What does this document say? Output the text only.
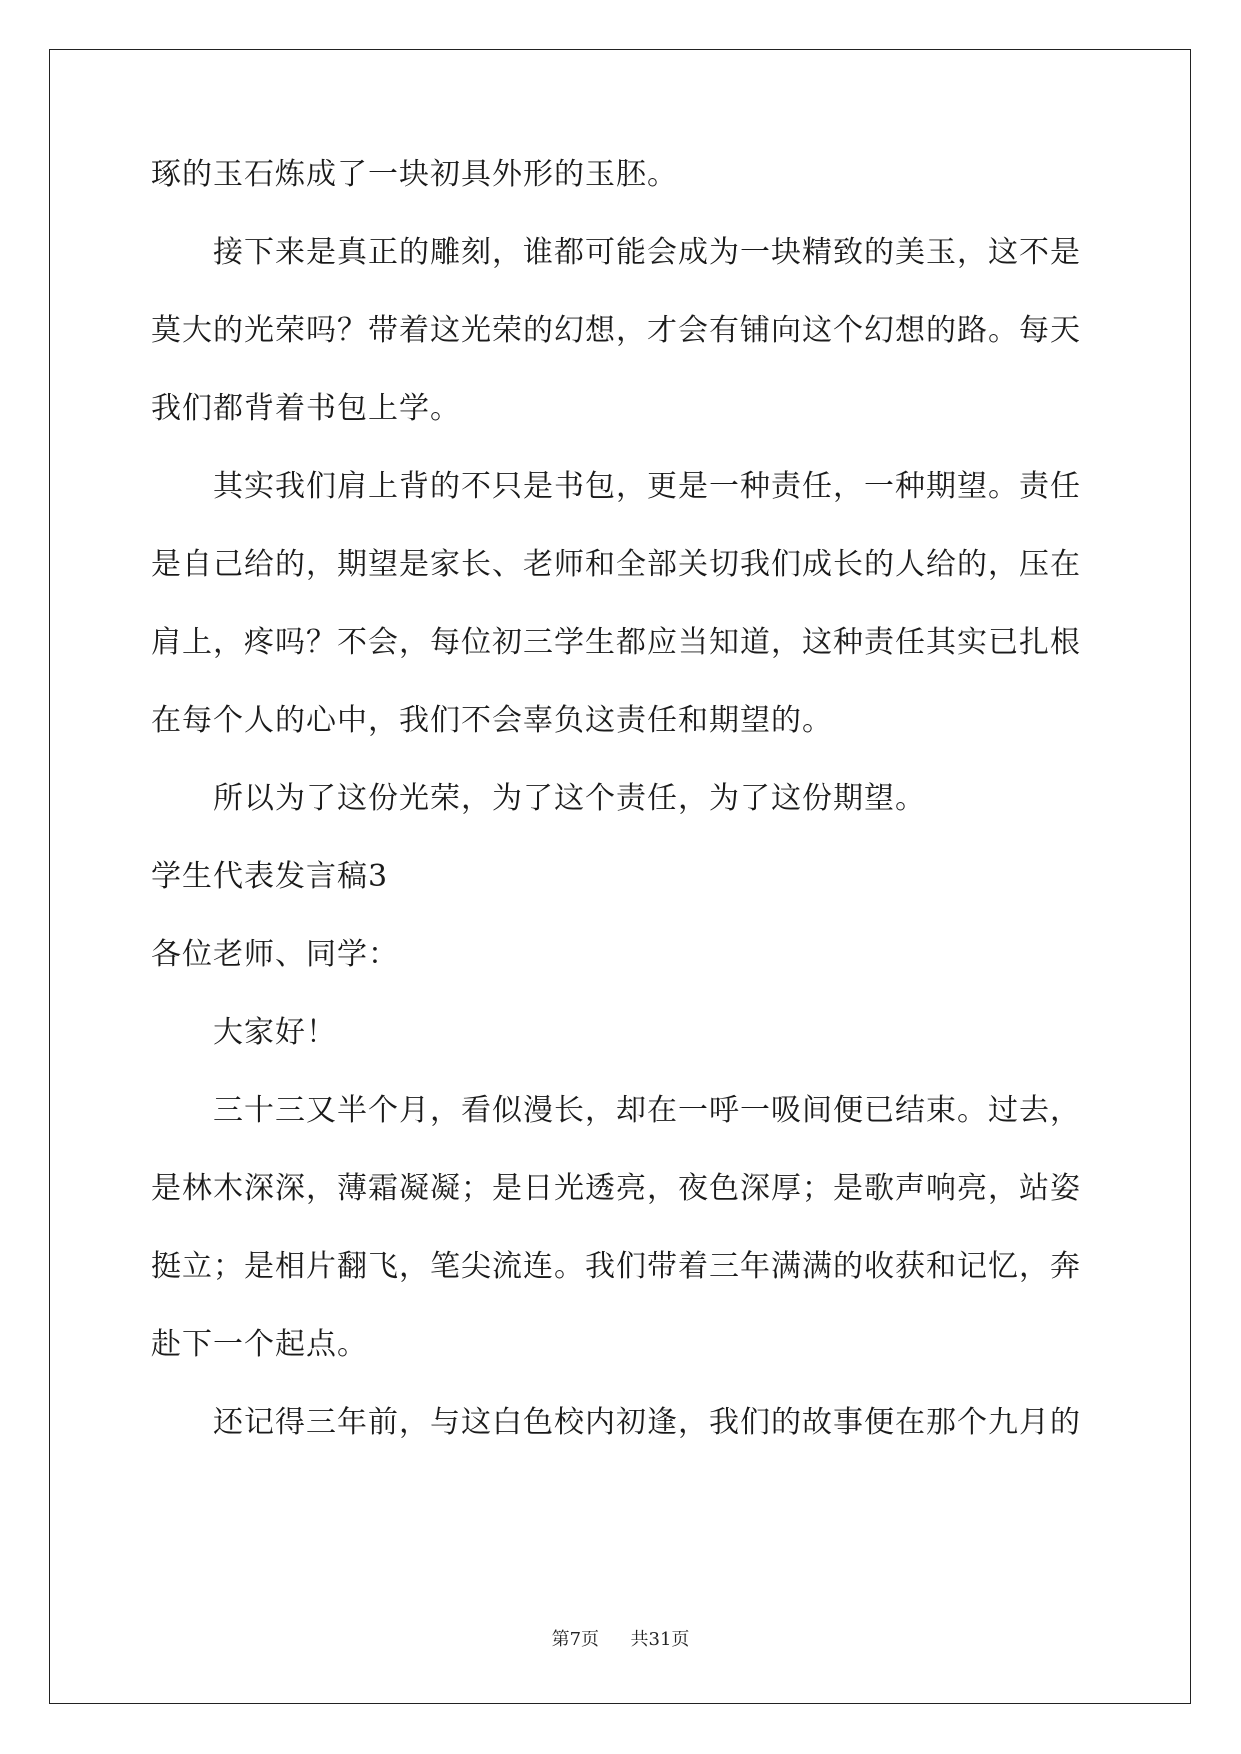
琢的玉石炼成了一块初具外形的玉胚。
接下来是真正的雕刻，谁都可能会成为一块精致的美玉，这不是
莫大的光荣吗？带着这光荣的幻想，才会有铺向这个幻想的路。每天
我们都背着书包上学。
其实我们肩上背的不只是书包，更是一种责任，一种期望。责任
是自己给的，期望是家长、老师和全部关切我们成长的人给的，压在
肩上，疼吗？不会，每位初三学生都应当知道，这种责任其实已扎根
在每个人的心中，我们不会辜负这责任和期望的。
所以为了这份光荣，为了这个责任，为了这份期望。
学生代表发言稿3
各位老师、同学：
大家好！
三十三又半个月，看似漫长，却在一呼一吸间便已结束。过去，
是林木深深，薄霜凝凝；是日光透亮，夜色深厚；是歌声响亮，站姿
挺立；是相片翻飞，笔尖流连。我们带着三年满满的收获和记忆，奔
赴下一个起点。
还记得三年前，与这白色校内初逢，我们的故事便在那个九月的
第7页 共31页
